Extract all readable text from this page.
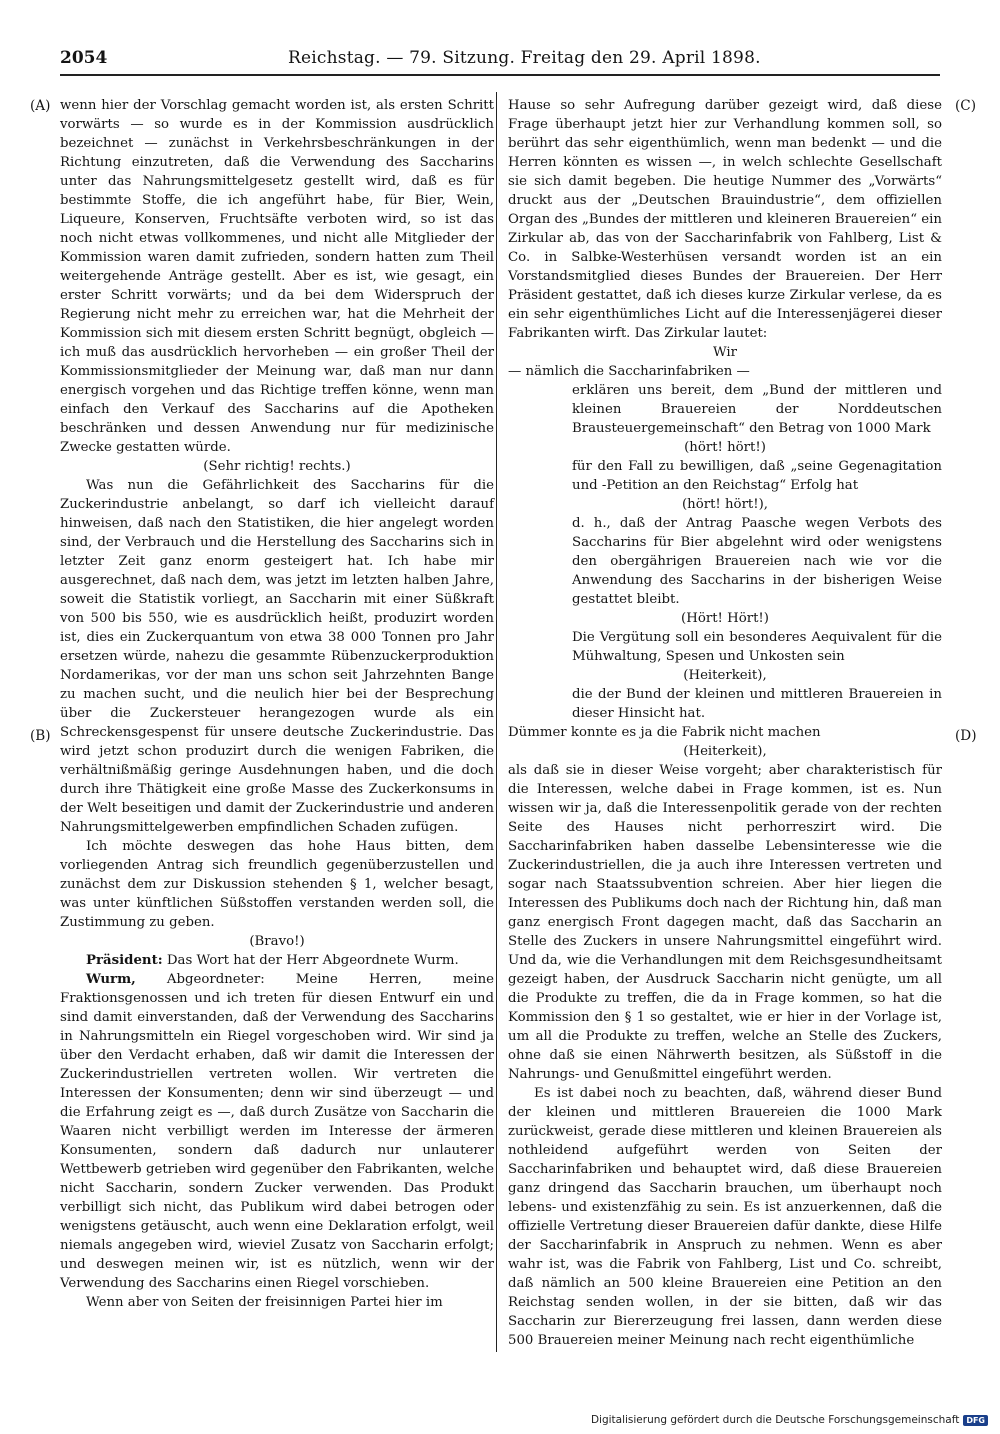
2054	Reichstag. — 79. Sitzung. Freitag den 29. April 1898.
(A)
(B)
(C)
(D)

wenn hier der Vorschlag gemacht worden ist, als ersten Schritt vorwärts — so wurde es in der Kommission ausdrücklich bezeichnet — zunächst in Verkehrsbeschränkungen in der Richtung einzutreten, daß die Verwendung des Saccharins unter das Nahrungsmittelgesetz gestellt wird, daß es für bestimmte Stoffe, die ich angeführt habe, für Bier, Wein, Liqueure, Konserven, Fruchtsäfte verboten wird, so ist das noch nicht etwas vollkommenes, und nicht alle Mitglieder der Kommission waren damit zufrieden, sondern hatten zum Theil weitergehende Anträge gestellt. Aber es ist, wie gesagt, ein erster Schritt vorwärts; und da bei dem Widerspruch der Regierung nicht mehr zu erreichen war, hat die Mehrheit der Kommission sich mit diesem ersten Schritt begnügt, obgleich — ich muß das ausdrücklich hervorheben — ein großer Theil der Kommissionsmitglieder der Meinung war, daß man nur dann energisch vorgehen und das Richtige treffen könne, wenn man einfach den Verkauf des Saccharins auf die Apotheken beschränken und dessen Anwendung nur für medizinische Zwecke gestatten würde.

(Sehr richtig! rechts.)

Was nun die Gefährlichkeit des Saccharins für die Zuckerindustrie anbelangt, so darf ich vielleicht darauf hinweisen, daß nach den Statistiken, die hier angelegt worden sind, der Verbrauch und die Herstellung des Saccharins sich in letzter Zeit ganz enorm gesteigert hat. Ich habe mir ausgerechnet, daß nach dem, was jetzt im letzten halben Jahre, soweit die Statistik vorliegt, an Saccharin mit einer Süßkraft von 500 bis 550, wie es ausdrücklich heißt, produzirt worden ist, dies ein Zuckerquantum von etwa 38 000 Tonnen pro Jahr ersetzen würde, nahezu die gesammte Rübenzuckerproduktion Nordamerikas, vor der man uns schon seit Jahrzehnten Bange zu machen sucht, und die neulich hier bei der Besprechung über die Zuckersteuer herangezogen wurde als ein Schreckensgespenst für unsere deutsche Zuckerindustrie. Das wird jetzt schon produzirt durch die wenigen Fabriken, die verhältnißmäßig geringe Ausdehnungen haben, und die doch durch ihre Thätigkeit eine große Masse des Zuckerkonsums in der Welt beseitigen und damit der Zuckerindustrie und anderen Nahrungsmittelgewerben empfindlichen Schaden zufügen.

Ich möchte deswegen das hohe Haus bitten, dem vorliegenden Antrag sich freundlich gegenüberzustellen und zunächst dem zur Diskussion stehenden § 1, welcher besagt, was unter künftlichen Süßstoffen verstanden werden soll, die Zustimmung zu geben.

(Bravo!)

Präsident: Das Wort hat der Herr Abgeordnete Wurm.

Wurm, Abgeordneter: Meine Herren, meine Fraktionsgenossen und ich treten für diesen Entwurf ein und sind damit einverstanden, daß der Verwendung des Saccharins in Nahrungsmitteln ein Riegel vorgeschoben wird. Wir sind ja über den Verdacht erhaben, daß wir damit die Interessen der Zuckerindustriellen vertreten wollen. Wir vertreten die Interessen der Konsumenten; denn wir sind überzeugt — und die Erfahrung zeigt es —, daß durch Zusätze von Saccharin die Waaren nicht verbilligt werden im Interesse der ärmeren Konsumenten, sondern daß dadurch nur unlauterer Wettbewerb getrieben wird gegenüber den Fabrikanten, welche nicht Saccharin, sondern Zucker verwenden. Das Produkt verbilligt sich nicht, das Publikum wird dabei betrogen oder wenigstens getäuscht, auch wenn eine Deklaration erfolgt, weil niemals angegeben wird, wieviel Zusatz von Saccharin erfolgt; und deswegen meinen wir, ist es nützlich, wenn wir der Verwendung des Saccharins einen Riegel vorschieben.

Wenn aber von Seiten der freisinnigen Partei hier im

Hause so sehr Aufregung darüber gezeigt wird, daß diese Frage überhaupt jetzt hier zur Verhandlung kommen soll, so berührt das sehr eigenthümlich, wenn man bedenkt — und die Herren könnten es wissen —, in welch schlechte Gesellschaft sie sich damit begeben. Die heutige Nummer des „Vorwärts“ druckt aus der „Deutschen Brauindustrie“, dem offiziellen Organ des „Bundes der mittleren und kleineren Brauereien“ ein Zirkular ab, das von der Saccharinfabrik von Fahlberg, List & Co. in Salbke-Westerhüsen versandt worden ist an ein Vorstandsmitglied dieses Bundes der Brauereien. Der Herr Präsident gestattet, daß ich dieses kurze Zirkular verlese, da es ein sehr eigenthümliches Licht auf die Interessenjägerei dieser Fabrikanten wirft. Das Zirkular lautet:

Wir

— nämlich die Saccharinfabriken —

erklären uns bereit, dem „Bund der mittleren und kleinen Brauereien der Norddeutschen Brausteuergemeinschaft“ den Betrag von 1000 Mark

(hört! hört!)

für den Fall zu bewilligen, daß „seine Gegenagitation und -Petition an den Reichstag“ Erfolg hat

(hört! hört!),

d. h., daß der Antrag Paasche wegen Verbots des Saccharins für Bier abgelehnt wird oder wenigstens den obergährigen Brauereien nach wie vor die Anwendung des Saccharins in der bisherigen Weise gestattet bleibt.

(Hört! Hört!)

Die Vergütung soll ein besonderes Aequivalent für die Mühwaltung, Spesen und Unkosten sein

(Heiterkeit),

die der Bund der kleinen und mittleren Brauereien in dieser Hinsicht hat.

Dümmer konnte es ja die Fabrik nicht machen

(Heiterkeit),

als daß sie in dieser Weise vorgeht; aber charakteristisch für die Interessen, welche dabei in Frage kommen, ist es. Nun wissen wir ja, daß die Interessenpolitik gerade von der rechten Seite des Hauses nicht perhorreszirt wird. Die Saccharinfabriken haben dasselbe Lebensinteresse wie die Zuckerindustriellen, die ja auch ihre Interessen vertreten und sogar nach Staatssubvention schreien. Aber hier liegen die Interessen des Publikums doch nach der Richtung hin, daß man ganz energisch Front dagegen macht, daß das Saccharin an Stelle des Zuckers in unsere Nahrungsmittel eingeführt wird. Und da, wie die Verhandlungen mit dem Reichsgesundheitsamt gezeigt haben, der Ausdruck Saccharin nicht genügte, um all die Produkte zu treffen, die da in Frage kommen, so hat die Kommission den § 1 so gestaltet, wie er hier in der Vorlage ist, um all die Produkte zu treffen, welche an Stelle des Zuckers, ohne daß sie einen Nährwerth besitzen, als Süßstoff in die Nahrungs- und Genußmittel eingeführt werden.

Es ist dabei noch zu beachten, daß, während dieser Bund der kleinen und mittleren Brauereien die 1000 Mark zurückweist, gerade diese mittleren und kleinen Brauereien als nothleidend aufgeführt werden von Seiten der Saccharinfabriken und behauptet wird, daß diese Brauereien ganz dringend das Saccharin brauchen, um überhaupt noch lebens- und existenzfähig zu sein. Es ist anzuerkennen, daß die offizielle Vertretung dieser Brauereien dafür dankte, diese Hilfe der Saccharinfabrik in Anspruch zu nehmen. Wenn es aber wahr ist, was die Fabrik von Fahlberg, List und Co. schreibt, daß nämlich an 500 kleine Brauereien eine Petition an den Reichstag senden wollen, in der sie bitten, daß wir das Saccharin zur Biererzeugung frei lassen, dann werden diese 500 Brauereien meiner Meinung nach recht eigenthümliche

Digitalisierung gefördert durch die Deutsche Forschungsgemeinschaft DFG
